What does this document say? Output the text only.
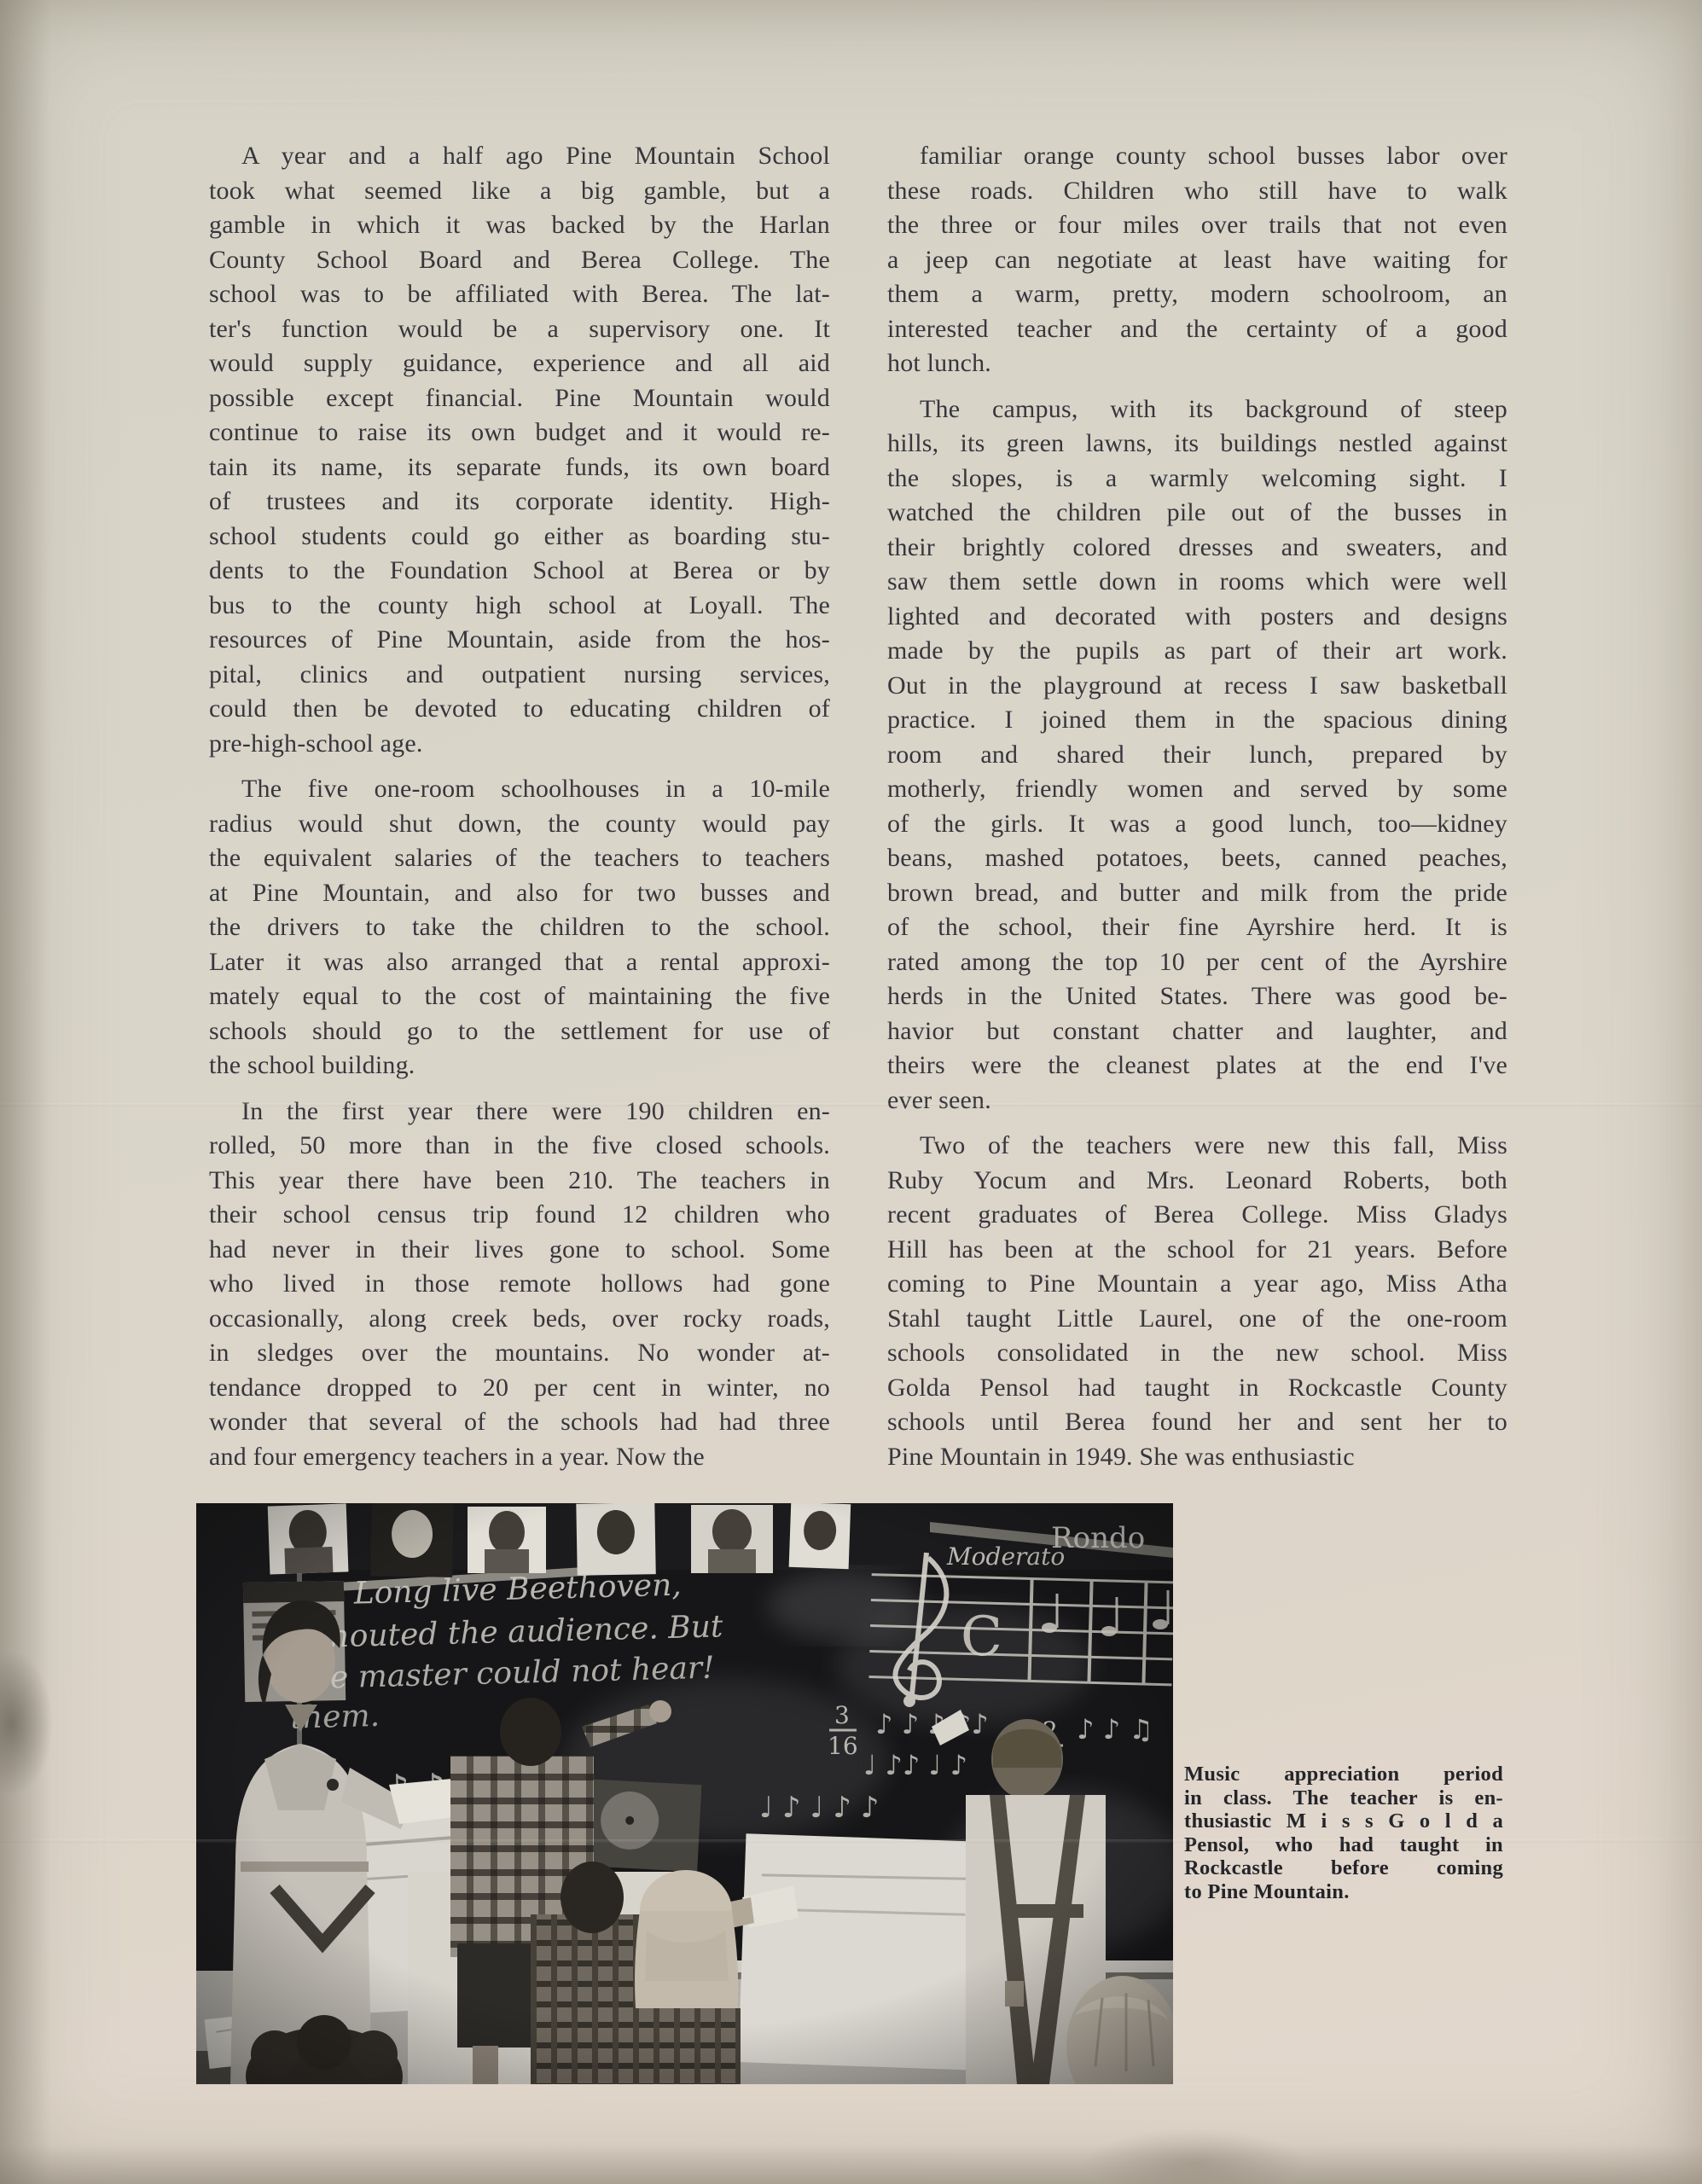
A year and a half ago Pine Mountain School
took what seemed like a big gamble, but a
gamble in which it was backed by the Harlan
County School Board and Berea College. The
school was to be affiliated with Berea. The lat-
ter's function would be a supervisory one. It
would supply guidance, experience and all aid
possible except financial. Pine Mountain would
continue to raise its own budget and it would re-
tain its name, its separate funds, its own board
of trustees and its corporate identity. High-
school students could go either as boarding stu-
dents to the Foundation School at Berea or by
bus to the county high school at Loyall. The
resources of Pine Mountain, aside from the hos-
pital, clinics and outpatient nursing services,
could then be devoted to educating children of
pre-high-school age.
The five one-room schoolhouses in a 10-mile
radius would shut down, the county would pay
the equivalent salaries of the teachers to teachers
at Pine Mountain, and also for two busses and
the drivers to take the children to the school.
Later it was also arranged that a rental approxi-
mately equal to the cost of maintaining the five
schools should go to the settlement for use of
the school building.
In the first year there were 190 children en-
rolled, 50 more than in the five closed schools.
This year there have been 210. The teachers in
their school census trip found 12 children who
had never in their lives gone to school. Some
who lived in those remote hollows had gone
occasionally, along creek beds, over rocky roads,
in sledges over the mountains. No wonder at-
tendance dropped to 20 per cent in winter, no
wonder that several of the schools had had three
and four emergency teachers in a year. Now the
familiar orange county school busses labor over
these roads. Children who still have to walk
the three or four miles over trails that not even
a jeep can negotiate at least have waiting for
them a warm, pretty, modern schoolroom, an
interested teacher and the certainty of a good
hot lunch.
The campus, with its background of steep
hills, its green lawns, its buildings nestled against
the slopes, is a warmly welcoming sight. I
watched the children pile out of the busses in
their brightly colored dresses and sweaters, and
saw them settle down in rooms which were well
lighted and decorated with posters and designs
made by the pupils as part of their art work.
Out in the playground at recess I saw basketball
practice. I joined them in the spacious dining
room and shared their lunch, prepared by
motherly, friendly women and served by some
of the girls. It was a good lunch, too—kidney
beans, mashed potatoes, beets, canned peaches,
brown bread, and butter and milk from the pride
of the school, their fine Ayrshire herd. It is
rated among the top 10 per cent of the Ayrshire
herds in the United States. There was good be-
havior but constant chatter and laughter, and
theirs were the cleanest plates at the end I've
ever seen.
Two of the teachers were new this fall, Miss
Ruby Yocum and Mrs. Leonard Roberts, both
recent graduates of Berea College. Miss Gladys
Hill has been at the school for 21 years. Before
coming to Pine Mountain a year ago, Miss Atha
Stahl taught Little Laurel, one of the one-room
schools consolidated in the new school. Miss
Golda Pensol had taught in Rockcastle County
schools until Berea found her and sent her to
Pine Mountain in 1949. She was enthusiastic
Music appreciation period
in class. The teacher is en-
thusiastic M i s s G o l d a
Pensol, who had taught in
Rockcastle before coming
to Pine Mountain.
